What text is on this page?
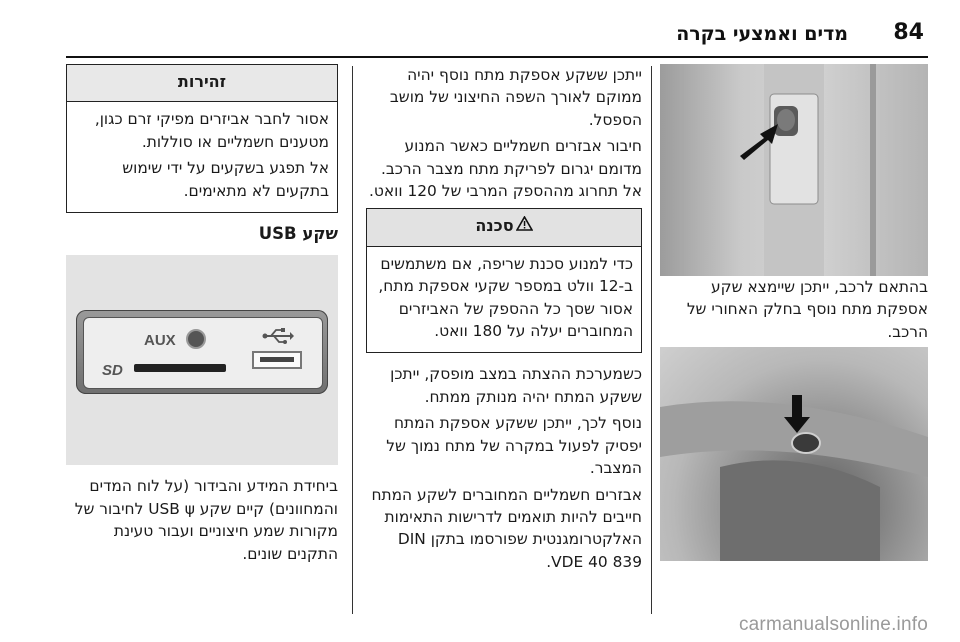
84
מדים ואמצעי בקרה

בהתאם לרכב, ייתכן שיימצא שקע אספקת מתח נוסף בחלק האחורי של הרכב.

ייתכן ששקע אספקת מתח נוסף יהיה ממוקם לאורך השפה החיצוני של מושב הספסל.

חיבור אבזרים חשמליים כאשר המנוע מדומם יגרום לפריקת מתח מצבר הרכב. אל תחרוג מההספק המרבי של 120 וואט.

סכנה

כדי למנוע סכנת שריפה, אם משתמשים ב-12 וולט במספר שקעי אספקת מתח, אסור שסך כל ההספק של האביזרים המחוברים יעלה על 180 וואט.

כשמערכת ההצתה במצב מופסק, ייתכן ששקע המתח יהיה מנותק ממתח.

נוסף לכך, ייתכן ששקע אספקת המתח יפסיק לפעול במקרה של מתח נמוך של המצבר.

אבזרים חשמליים המחוברים לשקע המתח חייבים להיות תואמים לדרישות התאימות האלקטרומגנטית שפורסמו בתקן DIN VDE 40 839.

זהירות

אסור לחבר אביזרים מפיקי זרם כגון, מטענים חשמליים או סוללות.

אל תפגע בשקעים על ידי שימוש בתקעים לא מתאימים.

שקע USB
AUX
SD

ביחידת המידע והבידור (על לוח המדים והמחוונים) קיים שקע USB ψ לחיבור של מקורות שמע חיצוניים ועבור טעינת התקנים שונים.

carmanualsonline.info
